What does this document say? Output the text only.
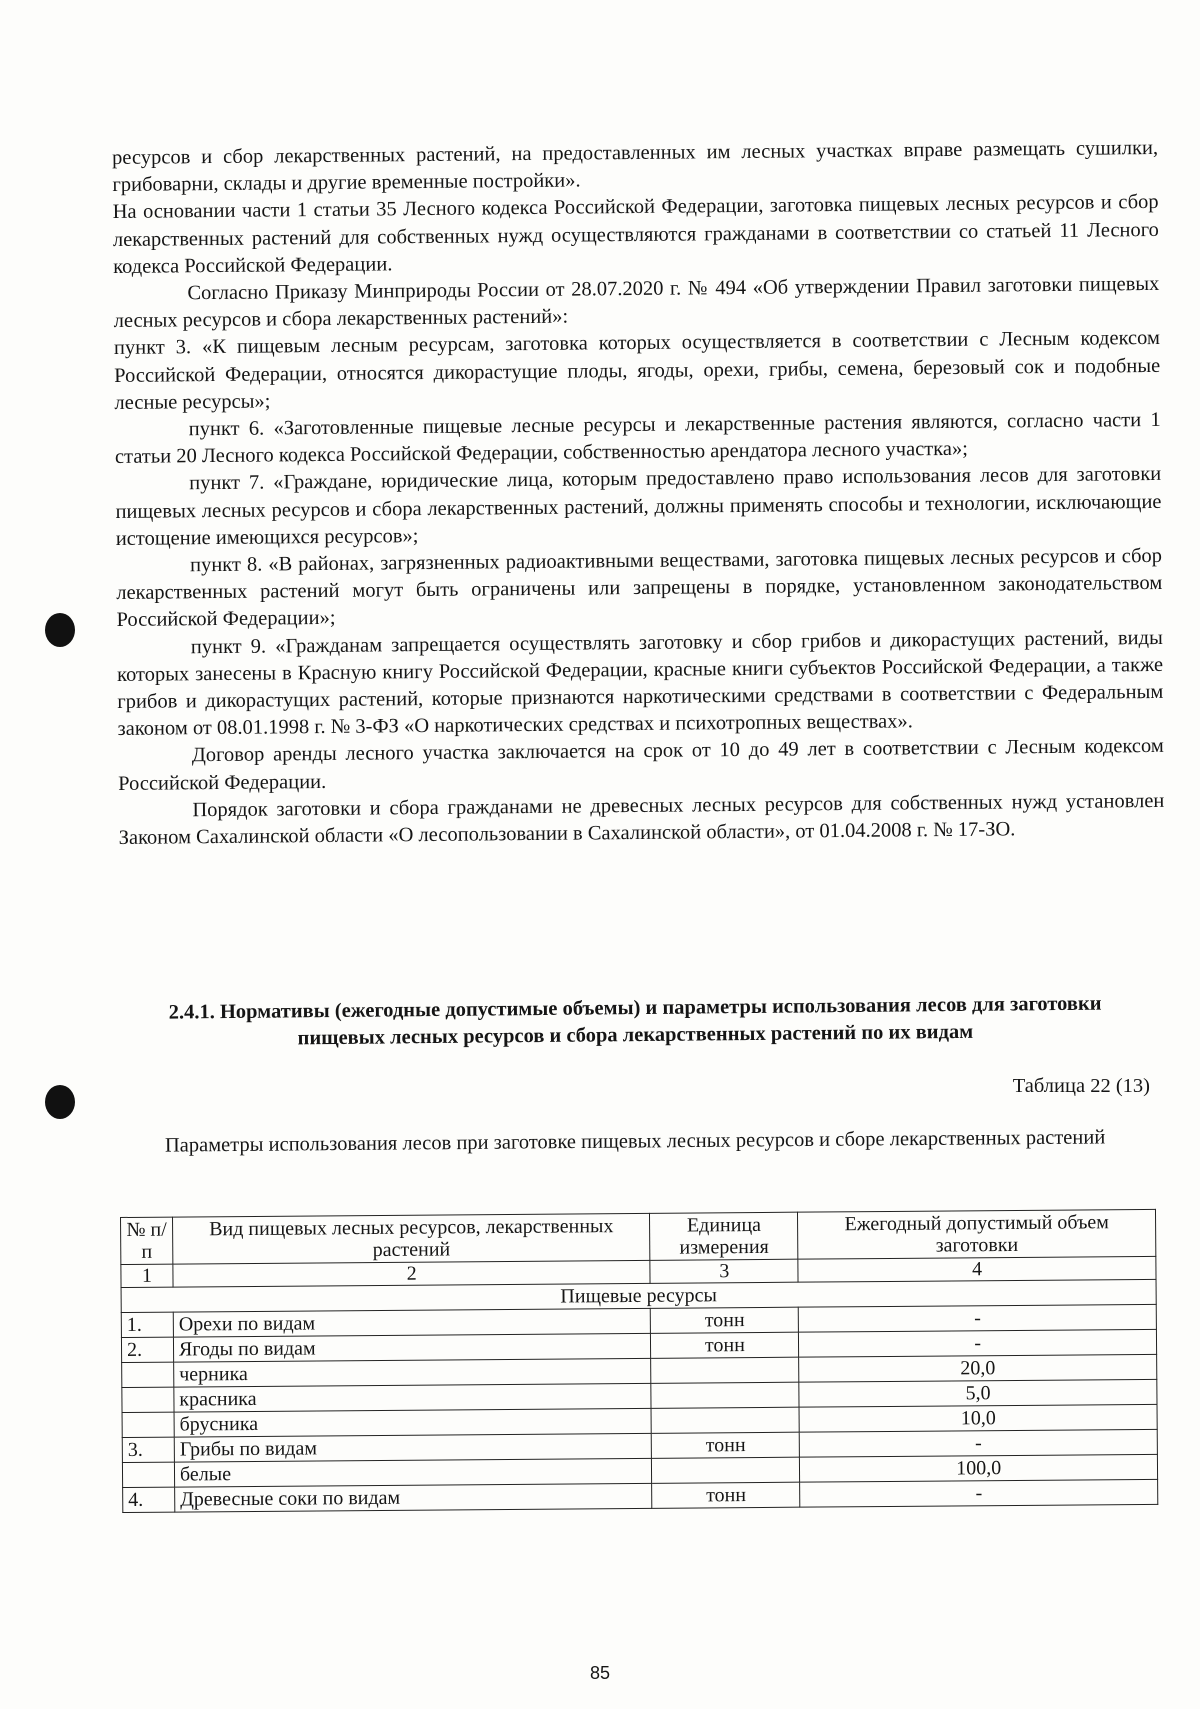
ресурсов и сбор лекарственных растений, на предоставленных им лесных участках вправе размещать сушилки, грибоварни, склады и другие временные постройки».

На основании части 1 статьи 35 Лесного кодекса Российской Федерации, заготовка пищевых лесных ресурсов и сбор лекарственных растений для собственных нужд осуществляются гражданами в соответствии со статьей 11 Лесного кодекса Российской Федерации.

Согласно Приказу Минприроды России от 28.07.2020 г. № 494 «Об утверждении Правил заготовки пищевых лесных ресурсов и сбора лекарственных растений»:

пункт 3. «К пищевым лесным ресурсам, заготовка которых осуществляется в соответствии с Лесным кодексом Российской Федерации, относятся дикорастущие плоды, ягоды, орехи, грибы, семена, березовый сок и подобные лесные ресурсы»;

пункт 6. «Заготовленные пищевые лесные ресурсы и лекарственные растения являются, согласно части 1 статьи 20 Лесного кодекса Российской Федерации, собственностью арендатора лесного участка»;

пункт 7. «Граждане, юридические лица, которым предоставлено право использования лесов для заготовки пищевых лесных ресурсов и сбора лекарственных растений, должны применять способы и технологии, исключающие истощение имеющихся ресурсов»;

пункт 8. «В районах, загрязненных радиоактивными веществами, заготовка пищевых лесных ресурсов и сбор лекарственных растений могут быть ограничены или запрещены в порядке, установленном законодательством Российской Федерации»;

пункт 9. «Гражданам запрещается осуществлять заготовку и сбор грибов и дикорастущих растений, виды которых занесены в Красную книгу Российской Федерации, красные книги субъектов Российской Федерации, а также грибов и дикорастущих растений, которые признаются наркотическими средствами в соответствии с Федеральным законом от 08.01.1998 г. № 3-ФЗ «О наркотических средствах и психотропных веществах».

Договор аренды лесного участка заключается на срок от 10 до 49 лет в соответствии с Лесным кодексом Российской Федерации.

Порядок заготовки и сбора гражданами не древесных лесных ресурсов для собственных нужд установлен Законом Сахалинской области «О лесопользовании в Сахалинской области», от 01.04.2008 г. № 17-ЗО.

2.4.1. Нормативы (ежегодные допустимые объемы) и параметры использования лесов для заготовки пищевых лесных ресурсов и сбора лекарственных растений по их видам
Таблица 22 (13)
Параметры использования лесов при заготовке пищевых лесных ресурсов и сборе лекарственных растений
№ п/п	Вид пищевых лесных ресурсов, лекарственных растений	Единица измерения	Ежегодный допустимый объем заготовки
1	2	3	4
Пищевые ресурсы			
1.	Орехи по видам	тонн	-
2.	Ягоды по видам	тонн	-
	черника		20,0
	красника		5,0
	брусника		10,0
3.	Грибы по видам	тонн	-
	белые		100,0
4.	Древесные соки по видам	тонн	-
85
